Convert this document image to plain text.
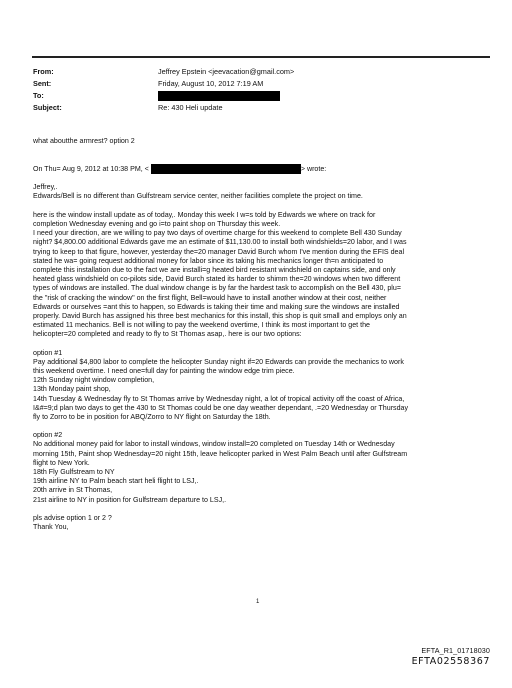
From:	Jeffrey Epstein <jeevacation@gmail.com>
Sent:	Friday, August 10, 2012 7:19 AM
To:
Subject:	Re: 430 Heli update
what aboutthe armrest? option 2
On Thu= Aug 9, 2012 at 10:38 PM, <	> wrote:
Jeffrey,.
Edwards/Bell is no different than Gulfstream service center, neither facilities complete the project on time.
here is the window install update as of today,. Monday this week I w=s told by Edwards we where on track for
completion Wednesday evening and go i=to paint shop on Thursday this week.
I need your direction, are we willing to pay two days of overtime charge for this weekend to complete Bell 430 Sunday
night? $4,800.00 additional Edwards gave me an estimate of $11,130.00 to install both windshields=20 labor, and I was
trying to keep to that figure, however, yesterday the=20 manager David Burch whom I've mention during the EFIS deal
stated he wa= going request additional money for labor since its taking his mechanics longer th=n anticipated to
complete this installation due to the fact we are installi=g heated bird resistant windshield on captains side, and only
heated glass windshield on co-pilots side, David Burch stated its harder to shimm the=20 windows when two different
types of windows are installed. The dual window change is by far the hardest task to accomplish on the Bell 430, plu=
the "risk of cracking the window" on the first flight, Bell=would have to install another window at their cost, neither
Edwards or ourselves =ant this to happen, so Edwards is taking their time and making sure the windows are installed
properly. David Burch has assigned his three best mechanics for this install, this shop is quit small and employs only an
estimated 11 mechanics. Bell is not willing to pay the weekend overtime, I think its most important to get the
helicopter=20 completed and ready to fly to St Thomas asap,. here is our two options:
option #1
Pay additional $4,800 labor to complete the helicopter Sunday night if=20 Edwards can provide the mechanics to work
this weekend overtime. I need one=full day for painting the window edge trim piece.
12th Sunday night window completion,
13th Monday paint shop,
14th Tuesday & Wednesday fly to St Thomas arrive by Wednesday night, a lot of tropical activity off the coast of Africa,
I&#=9;d plan two days to get the 430 to St Thomas could be one day weather dependant, .=20 Wednesday or Thursday
fly to Zorro to be in position for ABQ/Zorro to NY flight on Saturday the 18th.
option #2
No additional money paid for labor to install windows, window install=20 completed on Tuesday 14th or Wednesday
morning 15th, Paint shop Wednesday=20 night 15th, leave helicopter parked in West Palm Beach until after Gulfstream
flight to New York.
18th Fly Gulfstream to NY
19th airline NY to Palm beach start heli flight to LSJ,.
20th arrive in St Thomas,
21st airline to NY in position for Gulfstream departure to LSJ,.
pls advise option 1 or 2 ?
Thank You,
1
EFTA_R1_01718030
EFTA02558367
